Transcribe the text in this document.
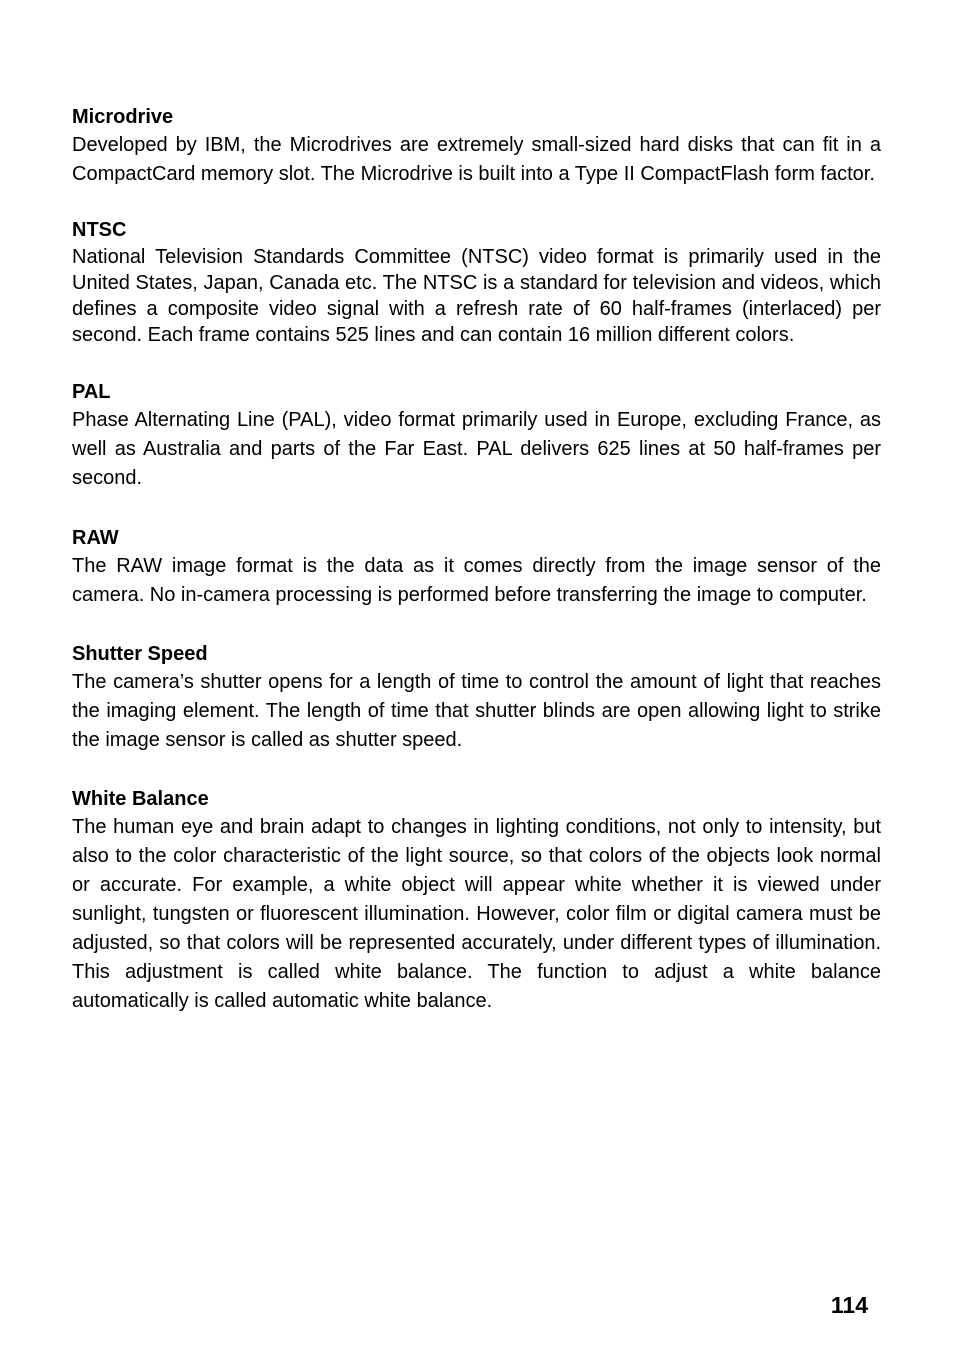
Microdrive

Developed by IBM, the Microdrives are extremely small-sized hard disks that can fit in a CompactCard memory slot. The Microdrive is built into a Type II CompactFlash form factor.

NTSC

National Television Standards Committee (NTSC) video format is primarily used in the United States, Japan, Canada etc. The NTSC is a standard for television and videos, which defines a composite video signal with a refresh rate of 60 half-frames (interlaced) per second. Each frame contains 525 lines and can contain 16 million different colors.

PAL

Phase Alternating Line (PAL), video format primarily used in Europe, excluding France, as well as Australia and parts of the Far East. PAL delivers 625 lines at 50 half-frames per second.

RAW

The RAW image format is the data as it comes directly from the image sensor of the camera. No in-camera processing is performed before transferring the image to computer.

Shutter Speed

The camera’s shutter opens for a length of time to control the amount of light that reaches the imaging element. The length of time that shutter blinds are open allowing light to strike the image sensor is called as shutter speed.

White Balance

The human eye and brain adapt to changes in lighting conditions, not only to intensity, but also to the color characteristic of the light source, so that colors of the objects look normal or accurate. For example, a white object will appear white whether it is viewed under sunlight, tungsten or fluorescent illumination. However, color film or digital camera must be adjusted, so that colors will be represented accurately, under different types of illumination. This adjustment is called white balance. The function to adjust a white balance automatically is called automatic white balance.

114
